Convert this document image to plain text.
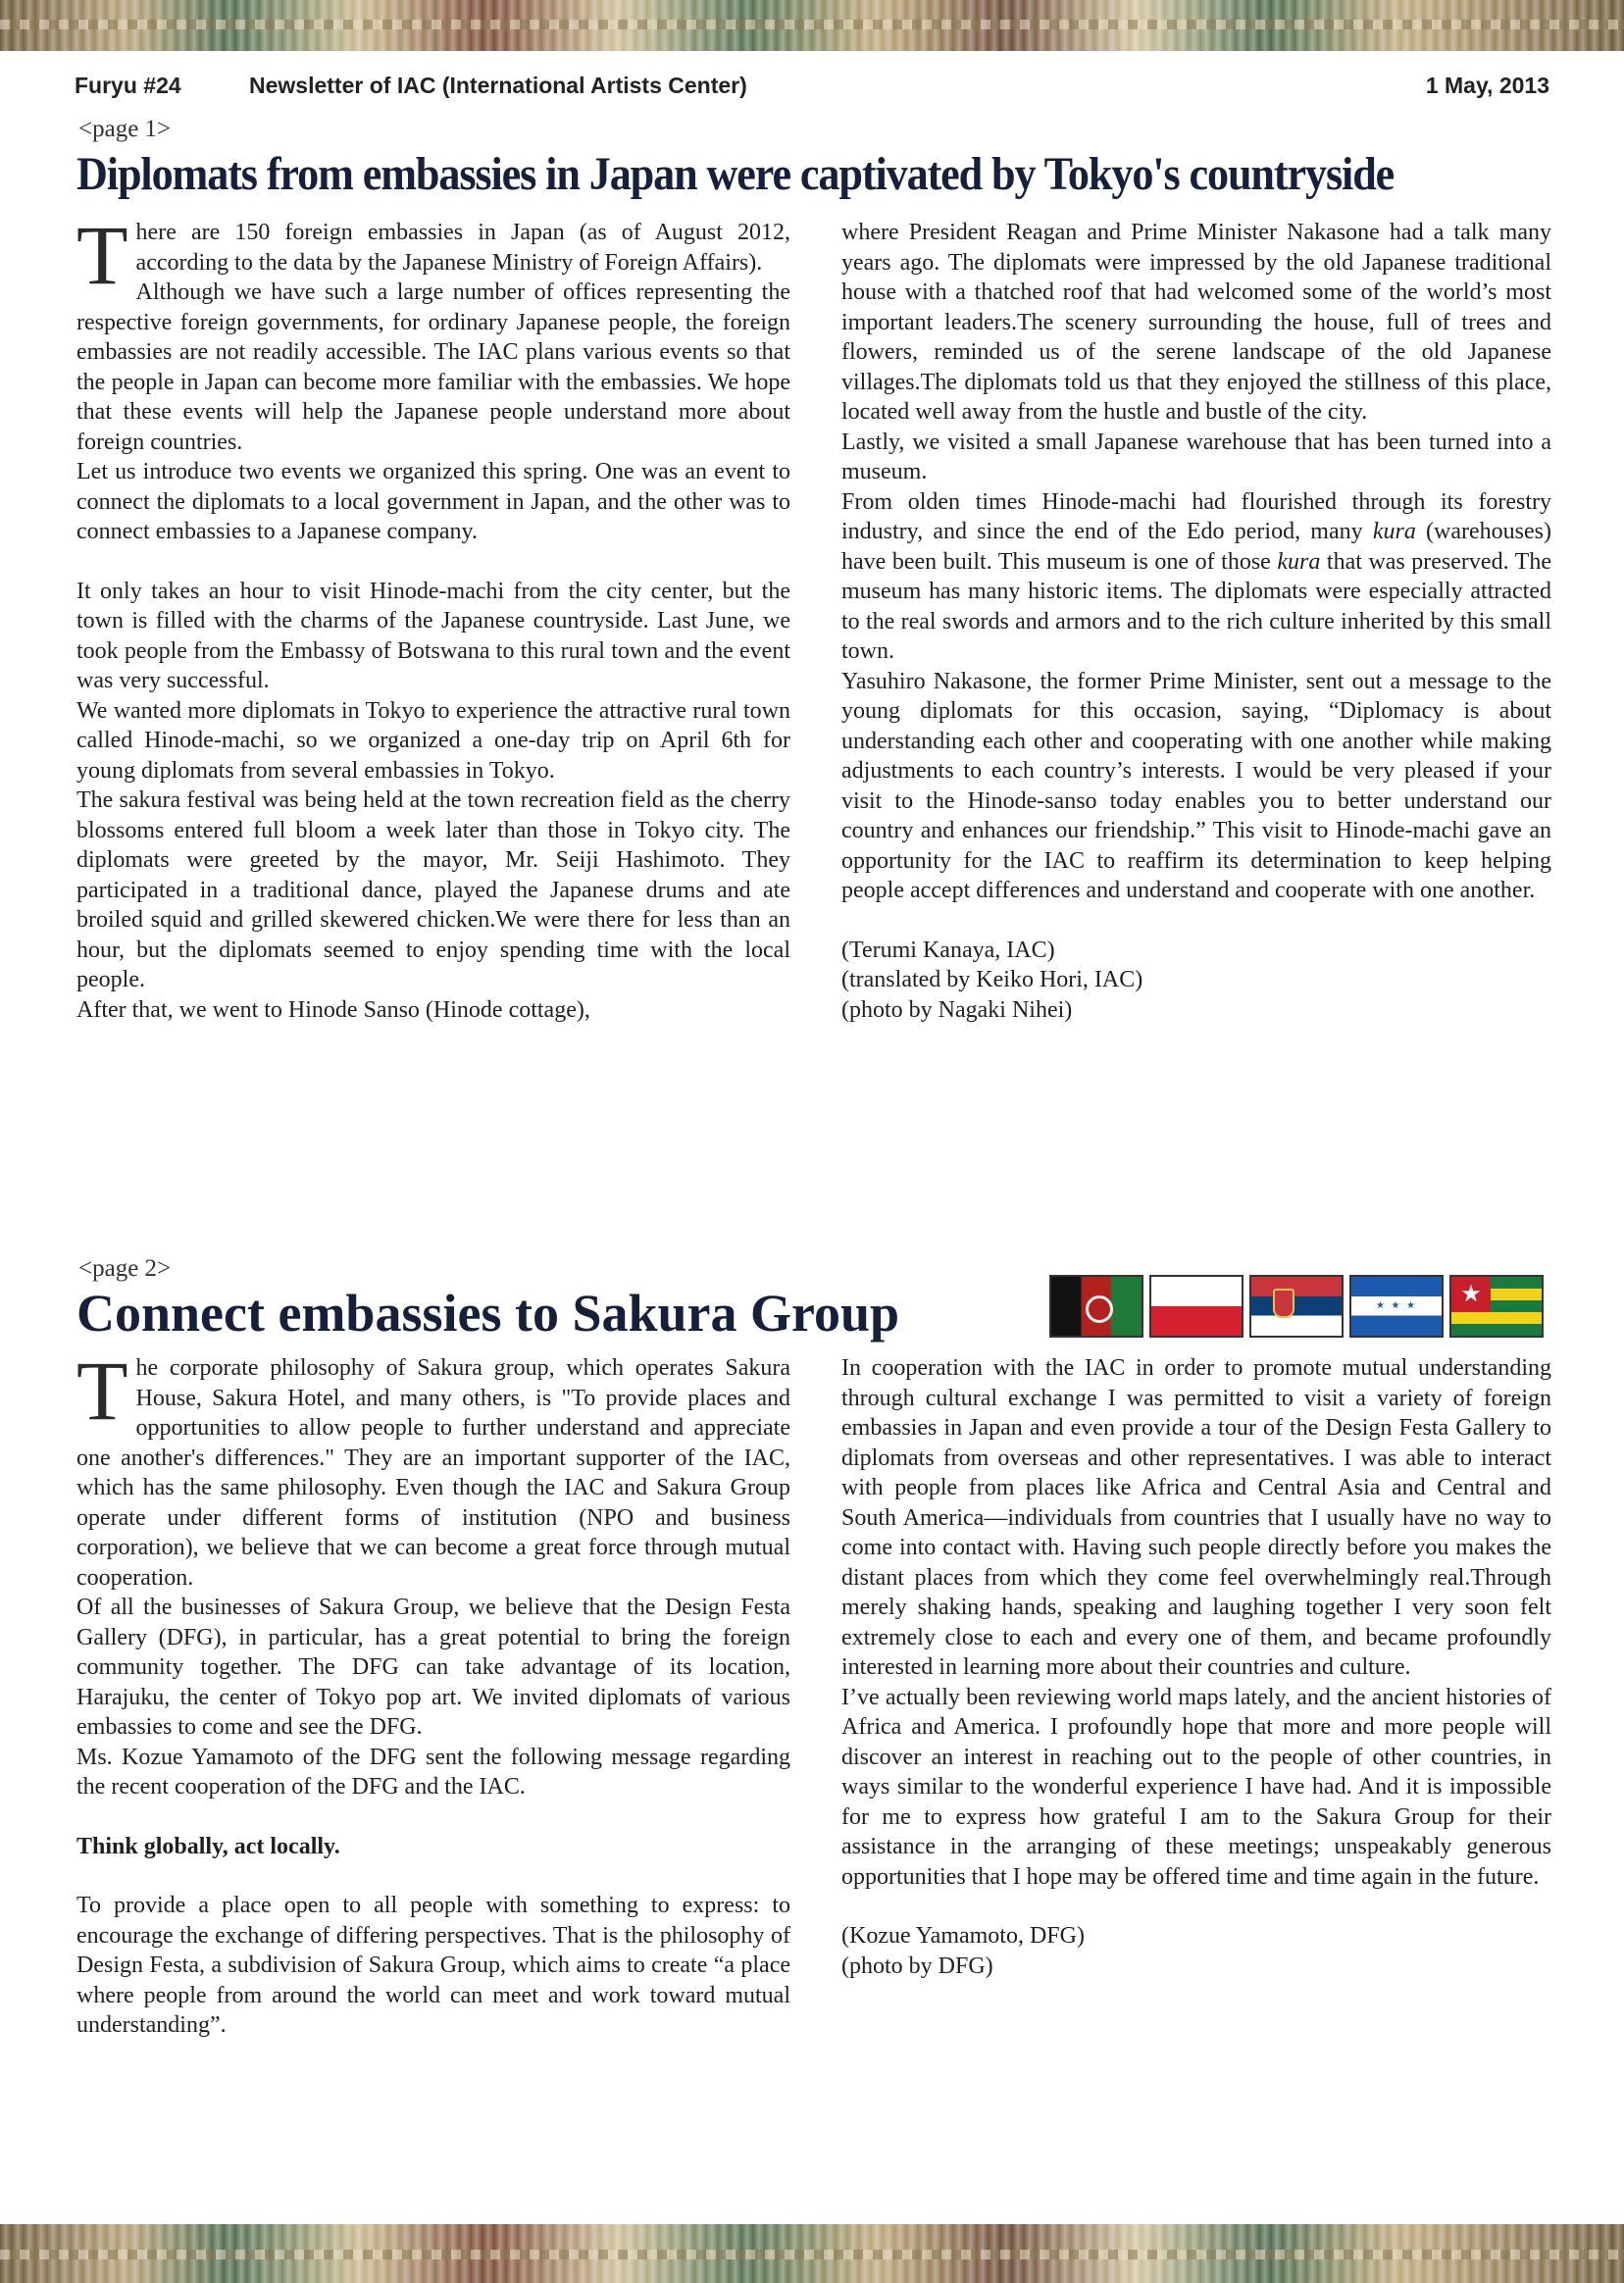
Furyu #24	Newsletter of IAC (International Artists Center)	1 May, 2013
<page 1>
Diplomats from embassies in Japan were captivated by Tokyo's countryside

There are 150 foreign embassies in Japan (as of August 2012, according to the data by the Japanese Ministry of Foreign Affairs).

Although we have such a large number of offices representing the respective foreign governments, for ordinary Japanese people, the foreign embassies are not readily accessible. The IAC plans various events so that the people in Japan can become more familiar with the embassies. We hope that these events will help the Japanese people understand more about foreign countries.

Let us introduce two events we organized this spring. One was an event to connect the diplomats to a local government in Japan, and the other was to connect embassies to a Japanese company.

It only takes an hour to visit Hinode-machi from the city center, but the town is filled with the charms of the Japanese countryside. Last June, we took people from the Embassy of Botswana to this rural town and the event was very successful.

We wanted more diplomats in Tokyo to experience the attractive rural town called Hinode-machi, so we organized a one-day trip on April 6th for young diplomats from several embassies in Tokyo.

The sakura festival was being held at the town recreation field as the cherry blossoms entered full bloom a week later than those in Tokyo city. The diplomats were greeted by the mayor, Mr. Seiji Hashimoto. They participated in a traditional dance, played the Japanese drums and ate broiled squid and grilled skewered chicken.We were there for less than an hour, but the diplomats seemed to enjoy spending time with the local people.

After that, we went to Hinode Sanso (Hinode cottage),

where President Reagan and Prime Minister Nakasone had a talk many years ago. The diplomats were impressed by the old Japanese traditional house with a thatched roof that had welcomed some of the world’s most important leaders.The scenery surrounding the house, full of trees and flowers, reminded us of the serene landscape of the old Japanese villages.The diplomats told us that they enjoyed the stillness of this place, located well away from the hustle and bustle of the city.

Lastly, we visited a small Japanese warehouse that has been turned into a museum.

From olden times Hinode-machi had flourished through its forestry industry, and since the end of the Edo period, many kura (warehouses) have been built. This museum is one of those kura that was preserved. The museum has many historic items. The diplomats were especially attracted to the real swords and armors and to the rich culture inherited by this small town.

Yasuhiro Nakasone, the former Prime Minister, sent out a message to the young diplomats for this occasion, saying, “Diplomacy is about understanding each other and cooperating with one another while making adjustments to each country’s interests. I would be very pleased if your visit to the Hinode-sanso today enables you to better understand our country and enhances our friendship.” This visit to Hinode-machi gave an opportunity for the IAC to reaffirm its determination to keep helping people accept differences and understand and cooperate with one another.

(Terumi Kanaya, IAC)

(translated by Keiko Hori, IAC)

(photo by Nagaki Nihei)

<page 2>
Connect embassies to Sakura Group	★ ★ ★	★

The corporate philosophy of Sakura group, which operates Sakura House, Sakura Hotel, and many others, is "To provide places and opportunities to allow people to further understand and appreciate one another's differences." They are an important supporter of the IAC, which has the same philosophy. Even though the IAC and Sakura Group operate under different forms of institution (NPO and business corporation), we believe that we can become a great force through mutual cooperation.

Of all the businesses of Sakura Group, we believe that the Design Festa Gallery (DFG), in particular, has a great potential to bring the foreign community together. The DFG can take advantage of its location, Harajuku, the center of Tokyo pop art. We invited diplomats of various embassies to come and see the DFG.

Ms. Kozue Yamamoto of the DFG sent the following message regarding the recent cooperation of the DFG and the IAC.

Think globally, act locally.

To provide a place open to all people with something to express: to encourage the exchange of differing perspectives. That is the philosophy of Design Festa, a subdivision of Sakura Group, which aims to create “a place where people from around the world can meet and work toward mutual understanding”.

In cooperation with the IAC in order to promote mutual understanding through cultural exchange I was permitted to visit a variety of foreign embassies in Japan and even provide a tour of the Design Festa Gallery to diplomats from overseas and other representatives. I was able to interact with people from places like Africa and Central Asia and Central and South America—individuals from countries that I usually have no way to come into contact with. Having such people directly before you makes the distant places from which they come feel overwhelmingly real.Through merely shaking hands, speaking and laughing together I very soon felt extremely close to each and every one of them, and became profoundly interested in learning more about their countries and culture.

I’ve actually been reviewing world maps lately, and the ancient histories of Africa and America. I profoundly hope that more and more people will discover an interest in reaching out to the people of other countries, in ways similar to the wonderful experience I have had. And it is impossible for me to express how grateful I am to the Sakura Group for their assistance in the arranging of these meetings; unspeakably generous opportunities that I hope may be offered time and time again in the future.

(Kozue Yamamoto, DFG)

(photo by DFG)
